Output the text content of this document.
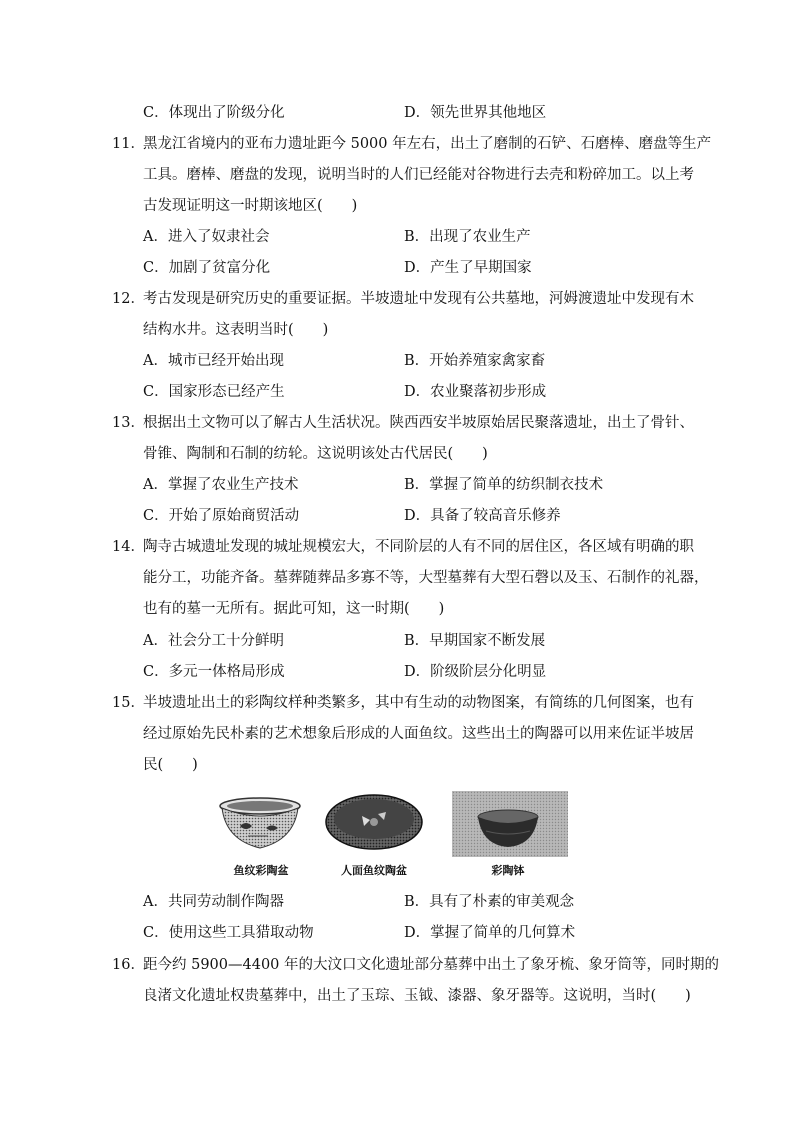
C．体现出了阶级分化	D．领先世界其他地区
11．
黑龙江省境内的亚布力遗址距今 5000 年左右，出土了磨制的石铲、石磨棒、磨盘等生产
工具。磨棒、磨盘的发现，说明当时的人们已经能对谷物进行去壳和粉碎加工。以上考
古发现证明这一时期该地区(　　)
A．进入了奴隶社会	B．出现了农业生产
C．加剧了贫富分化	D．产生了早期国家
12．
考古发现是研究历史的重要证据。半坡遗址中发现有公共墓地，河姆渡遗址中发现有木
结构水井。这表明当时(　　)
A．城市已经开始出现	B．开始养殖家禽家畜
C．国家形态已经产生	D．农业聚落初步形成
13．
根据出土文物可以了解古人生活状况。陕西西安半坡原始居民聚落遗址，出土了骨针、
骨锥、陶制和石制的纺轮。这说明该处古代居民(　　)
A．掌握了农业生产技术	B．掌握了简单的纺织制衣技术
C．开始了原始商贸活动	D．具备了较高音乐修养
14．
陶寺古城遗址发现的城址规模宏大，不同阶层的人有不同的居住区，各区域有明确的职
能分工，功能齐备。墓葬随葬品多寡不等，大型墓葬有大型石磬以及玉、石制作的礼器，
也有的墓一无所有。据此可知，这一时期(　　)
A．社会分工十分鲜明	B．早期国家不断发展
C．多元一体格局形成	D．阶级阶层分化明显
15．
半坡遗址出土的彩陶纹样种类繁多，其中有生动的动物图案，有简练的几何图案，也有
经过原始先民朴素的艺术想象后形成的人面鱼纹。这些出土的陶器可以用来佐证半坡居
民(　　)
鱼纹彩陶盆	人面鱼纹陶盆	彩陶钵
A．共同劳动制作陶器	B．具有了朴素的审美观念
C．使用这些工具猎取动物	D．掌握了简单的几何算术
16．
距今约 5900—4400 年的大汶口文化遗址部分墓葬中出土了象牙梳、象牙筒等，同时期的
良渚文化遗址权贵墓葬中，出土了玉琮、玉钺、漆器、象牙器等。这说明，当时(　　)
